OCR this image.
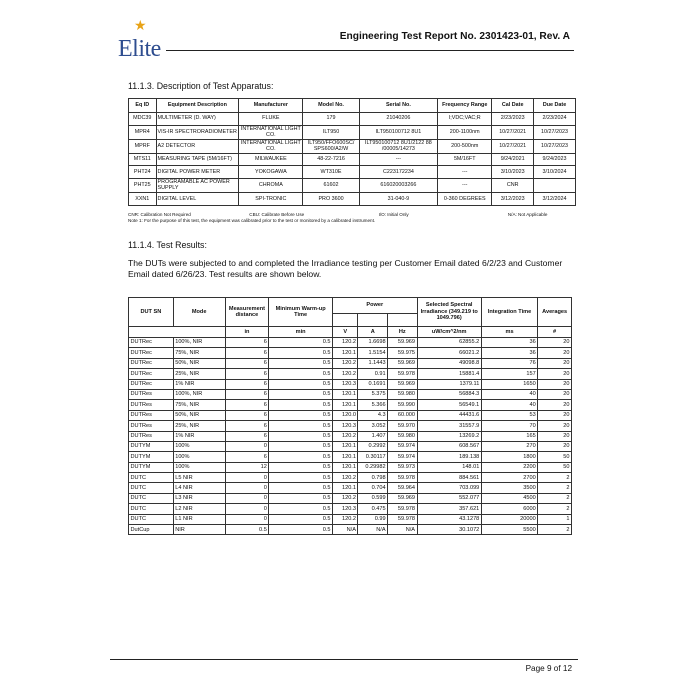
★
Elite	Engineering Test Report No. 2301423-01, Rev. A
11.1.3. Description of Test Apparatus:
Eq ID	Equipment Description	Manufacturer	Model No.	Serial No.	Frequency Range	Cal Date	Due Date
MDC39	MULTIMETER (D. WAY)	FLUKE	179	21040206	I;VDC;VAC;R	2/23/2023	2/23/2024
MPR4	VIS-IR SPECTRORADIOMETER	INTERNATIONAL LIGHT CO.	ILT950	ILT950100712 8U1	200-1100nm	10/27/2021	10/27/2023
MPRF	A2 DETECTOR	INTERNATIONAL LIGHT CO.	ILT950/FFO600SC/ SPS600/A2/W	ILT950100712 8U1/2122 88 /00005/14273	200-500nm	10/27/2021	10/27/2023
MTS11	MEASURING TAPE (5M/16FT)	MILWAUKEE	48-22-7216	---	5M/16FT	9/24/2021	9/24/2023
PHT24	DIGITAL POWER METER	YOKOGAWA	WT310E	C223172234	---	3/10/2023	3/10/2024
PHT25	PROGRAMABLE AC POWER SUPPLY	CHROMA	61602	616020003266	---	CNR	
XXN1	DIGITAL LEVEL	SPI-TRONIC	PRO 3600	31-040-9	0-360 DEGREES	3/12/2023	3/12/2024
CNR: Calibration Not Required	CBU: Calibrate Before Use	I/O: Initial Only	N/A: Not Applicable
Note 1: For the purpose of this test, the equipment was calibrated prior to the test or monitored by a calibrated instrument.
11.1.4. Test Results:
The DUTs were subjected to and completed the Irradiance testing per Customer Email dated 6/2/23 and Customer Email dated 6/26/23. Test results are shown below.
DUT SN	Mode	Measurement distance	Minimum Warm-up Time	Power			Selected Spectral Irradiance (349.219 to 1049.796)	Integration Time	Averages

		in	min	V	A	Hz	uW/cm^2/nm	ms	#
DUTRec	100%, NIR	6	0.5	120.2	1.6698	59.969	62855.2	36	20
DUTRec	75%, NIR	6	0.5	120.1	1.5154	59.975	66021.2	36	20
DUTRec	50%, NIR	6	0.5	120.2	1.1443	59.969	49098.8	76	20
DUTRec	25%, NIR	6	0.5	120.2	0.91	59.978	15881.4	157	20
DUTRec	1% NIR	6	0.5	120.3	0.1691	59.969	1379.11	1650	20
DUTRes	100%, NIR	6	0.5	120.1	5.375	59.980	56884.3	40	20
DUTRes	75%, NIR	6	0.5	120.1	5.366	59.990	56549.1	40	20
DUTRes	50%, NIR	6	0.5	120.0	4.3	60.000	44431.6	53	20
DUTRes	25%, NIR	6	0.5	120.3	3.052	59.970	31557.9	70	20
DUTRes	1% NIR	6	0.5	120.2	1.407	59.980	13269.2	165	20
DUTYM	100%	0	0.5	120.1	0.2992	59.974	608.567	270	20
DUTYM	100%	6	0.5	120.1	0.30117	59.974	189.138	1800	50
DUTYM	100%	12	0.5	120.1	0.29982	59.973	148.01	2200	50
DUTC	L5 NIR	0	0.5	120.2	0.798	59.978	884.561	2700	2
DUTC	L4 NIR	0	0.5	120.1	0.704	59.964	703.099	3500	2
DUTC	L3 NIR	0	0.5	120.2	0.599	59.969	552.077	4500	2
DUTC	L2 NIR	0	0.5	120.3	0.475	59.978	357.621	6000	2
DUTC	L1 NIR	0	0.5	120.2	0.99	59.978	43.1278	20000	1
DutCup	NIR	0.5	0.5	N/A	N/A	N/A	30.1072	5500	2
Page 9 of 12
